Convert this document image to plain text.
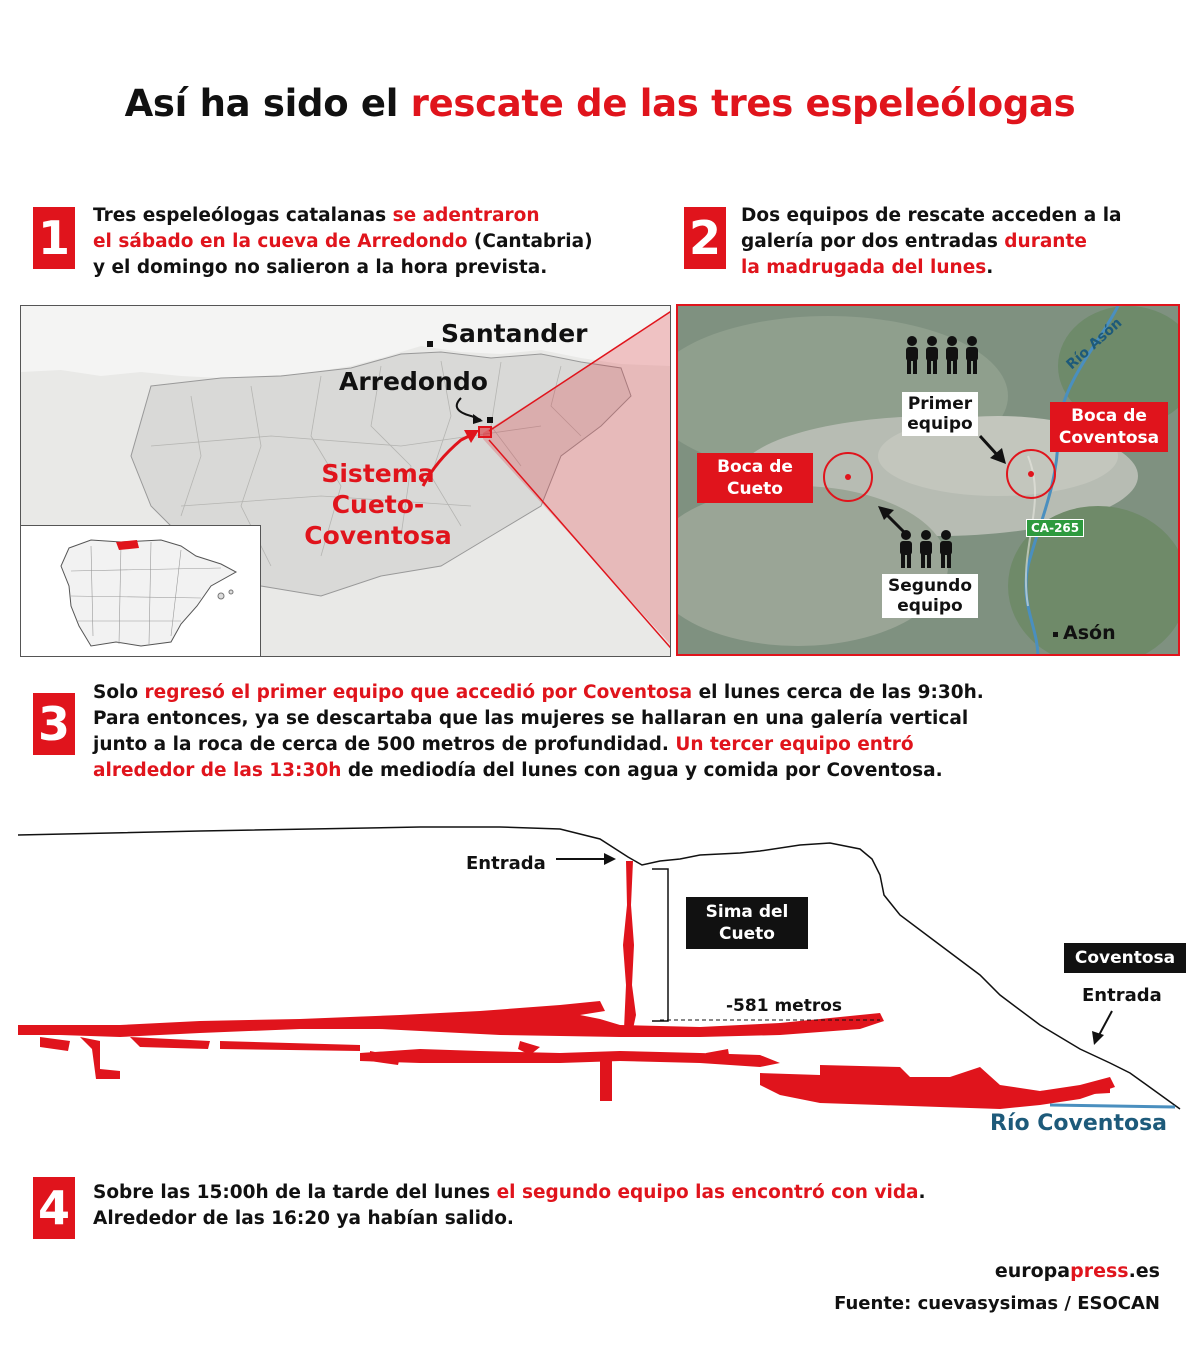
Así ha sido el rescate de las tres espeleólogas
1 Tres espeleólogas catalanas se adentraron
el sábado en la cueva de Arredondo (Cantabria)
y el domingo no salieron a la hora prevista.
2 Dos equipos de rescate acceden a la
galería por dos entradas durante
la madrugada del lunes.
Santander
Arredondo
Sistema
Cueto-Coventosa
Primer
equipo
Segundo
equipo
Boca de
Cueto
Boca de
Coventosa
Río Asón
CA-265
Asón
3
Solo regresó el primer equipo que accedió por Coventosa el lunes cerca de las 9:30h.
Para entonces, ya se descartaba que las mujeres se hallaran en una galería vertical
junto a la roca de cerca de 500 metros de profundidad. Un tercer equipo entró
alrededor de las 13:30h de mediodía del lunes con agua y comida por Coventosa.
Entrada
Sima del
Cueto
-581 metros
Coventosa
Entrada
Río Coventosa
4 Sobre las 15:00h de la tarde del lunes el segundo equipo las encontró con vida.
Alrededor de las 16:20 ya habían salido.
europapress.es
Fuente: cuevasysimas / ESOCAN
